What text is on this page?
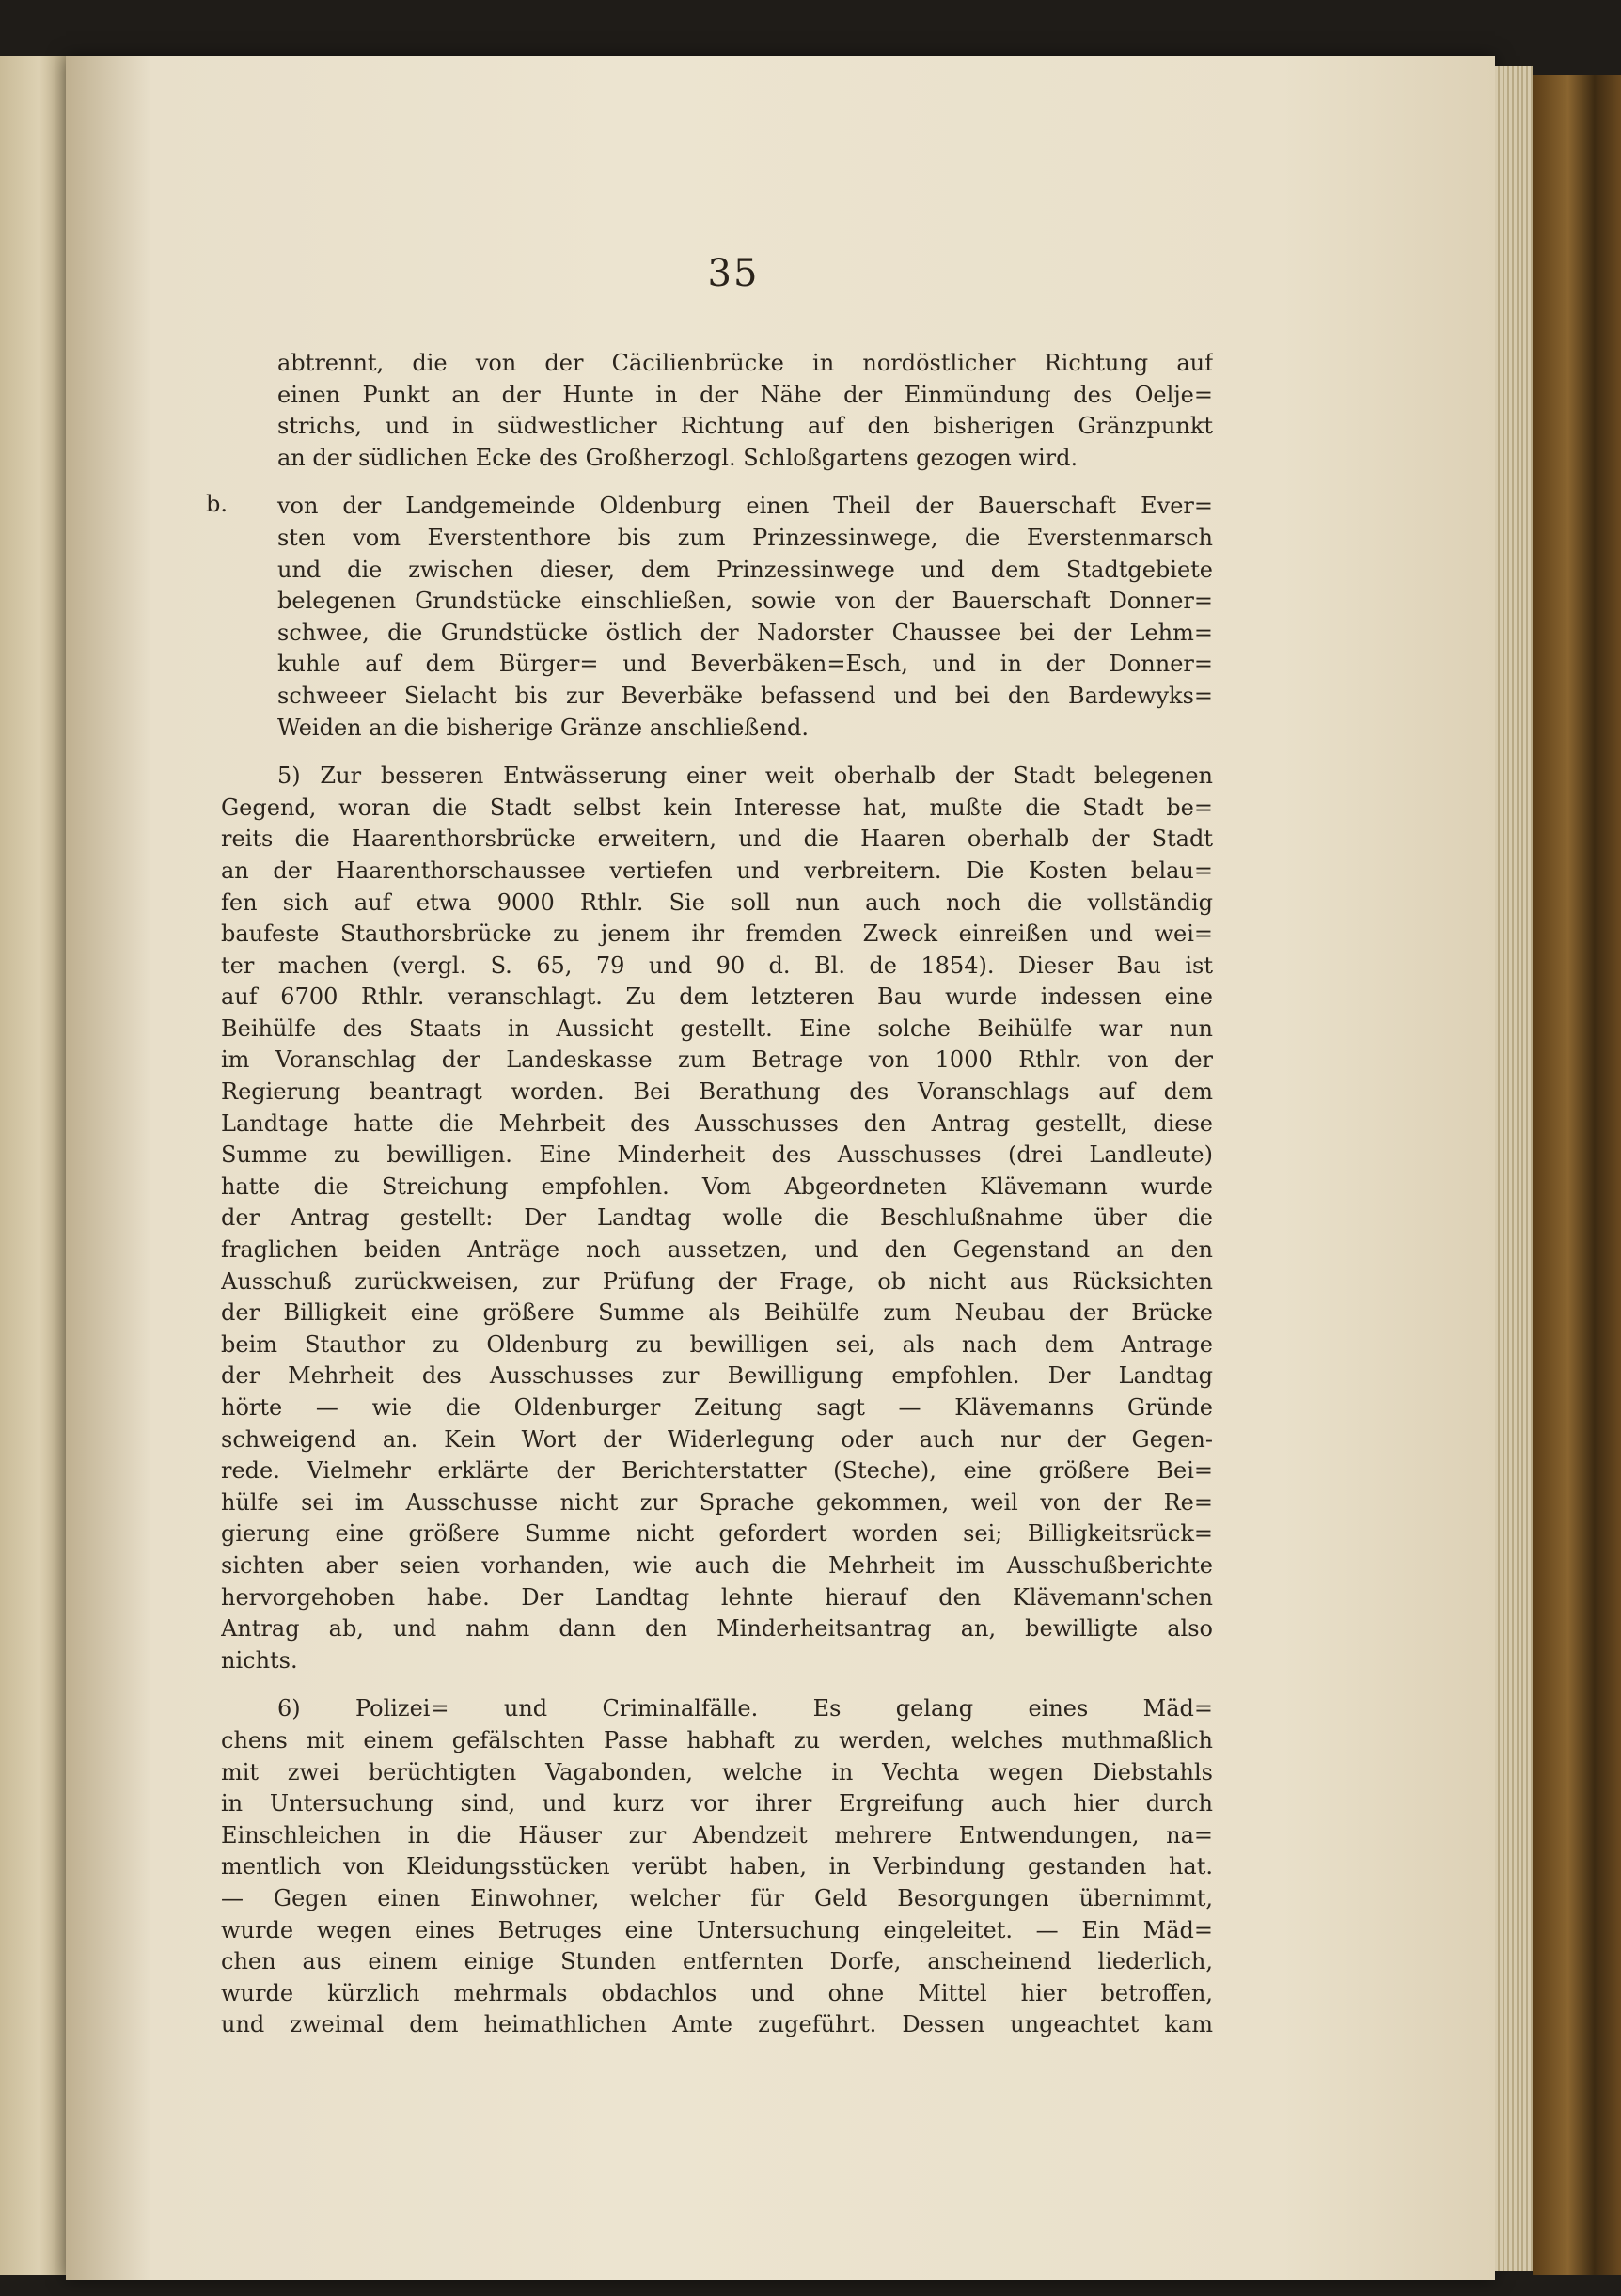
35
abtrennt, die von der Cäcilienbrücke in nordöstlicher Richtung auf
einen Punkt an der Hunte in der Nähe der Einmündung des Oelje=
strichs, und in südwestlicher Richtung auf den bisherigen Gränzpunkt
an der südlichen Ecke des Großherzogl. Schloßgartens gezogen wird.
b.	von der Landgemeinde Oldenburg einen Theil der Bauerschaft Ever=
sten vom Everstenthore bis zum Prinzessinwege, die Everstenmarsch
und die zwischen dieser, dem Prinzessinwege und dem Stadtgebiete
belegenen Grundstücke einschließen, sowie von der Bauerschaft Donner=
schwee, die Grundstücke östlich der Nadorster Chaussee bei der Lehm=
kuhle auf dem Bürger= und Beverbäken=Esch, und in der Donner=
schweeer Sielacht bis zur Beverbäke befassend und bei den Bardewyks=
Weiden an die bisherige Gränze anschließend.
5) Zur besseren Entwässerung einer weit oberhalb der Stadt belegenen
Gegend, woran die Stadt selbst kein Interesse hat, mußte die Stadt be=
reits die Haarenthorsbrücke erweitern, und die Haaren oberhalb der Stadt
an der Haarenthorschaussee vertiefen und verbreitern. Die Kosten belau=
fen sich auf etwa 9000 Rthlr. Sie soll nun auch noch die vollständig
baufeste Stauthorsbrücke zu jenem ihr fremden Zweck einreißen und wei=
ter machen (vergl. S. 65, 79 und 90 d. Bl. de 1854). Dieser Bau ist
auf 6700 Rthlr. veranschlagt. Zu dem letzteren Bau wurde indessen eine
Beihülfe des Staats in Aussicht gestellt. Eine solche Beihülfe war nun
im Voranschlag der Landeskasse zum Betrage von 1000 Rthlr. von der
Regierung beantragt worden. Bei Berathung des Voranschlags auf dem
Landtage hatte die Mehrbeit des Ausschusses den Antrag gestellt, diese
Summe zu bewilligen. Eine Minderheit des Ausschusses (drei Landleute)
hatte die Streichung empfohlen. Vom Abgeordneten Klävemann wurde
der Antrag gestellt: Der Landtag wolle die Beschlußnahme über die
fraglichen beiden Anträge noch aussetzen, und den Gegenstand an den
Ausschuß zurückweisen, zur Prüfung der Frage, ob nicht aus Rücksichten
der Billigkeit eine größere Summe als Beihülfe zum Neubau der Brücke
beim Stauthor zu Oldenburg zu bewilligen sei, als nach dem Antrage
der Mehrheit des Ausschusses zur Bewilligung empfohlen. Der Landtag
hörte — wie die Oldenburger Zeitung sagt — Klävemanns Gründe
schweigend an. Kein Wort der Widerlegung oder auch nur der Gegen-
rede. Vielmehr erklärte der Berichterstatter (Steche), eine größere Bei=
hülfe sei im Ausschusse nicht zur Sprache gekommen, weil von der Re=
gierung eine größere Summe nicht gefordert worden sei; Billigkeitsrück=
sichten aber seien vorhanden, wie auch die Mehrheit im Ausschußberichte
hervorgehoben habe. Der Landtag lehnte hierauf den Klävemann'schen
Antrag ab, und nahm dann den Minderheitsantrag an, bewilligte also
nichts.
6) Polizei= und Criminalfälle. Es gelang eines Mäd=
chens mit einem gefälschten Passe habhaft zu werden, welches muthmaßlich
mit zwei berüchtigten Vagabonden, welche in Vechta wegen Diebstahls
in Untersuchung sind, und kurz vor ihrer Ergreifung auch hier durch
Einschleichen in die Häuser zur Abendzeit mehrere Entwendungen, na=
mentlich von Kleidungsstücken verübt haben, in Verbindung gestanden hat.
— Gegen einen Einwohner, welcher für Geld Besorgungen übernimmt,
wurde wegen eines Betruges eine Untersuchung eingeleitet. — Ein Mäd=
chen aus einem einige Stunden entfernten Dorfe, anscheinend liederlich,
wurde kürzlich mehrmals obdachlos und ohne Mittel hier betroffen,
und zweimal dem heimathlichen Amte zugeführt. Dessen ungeachtet kam
